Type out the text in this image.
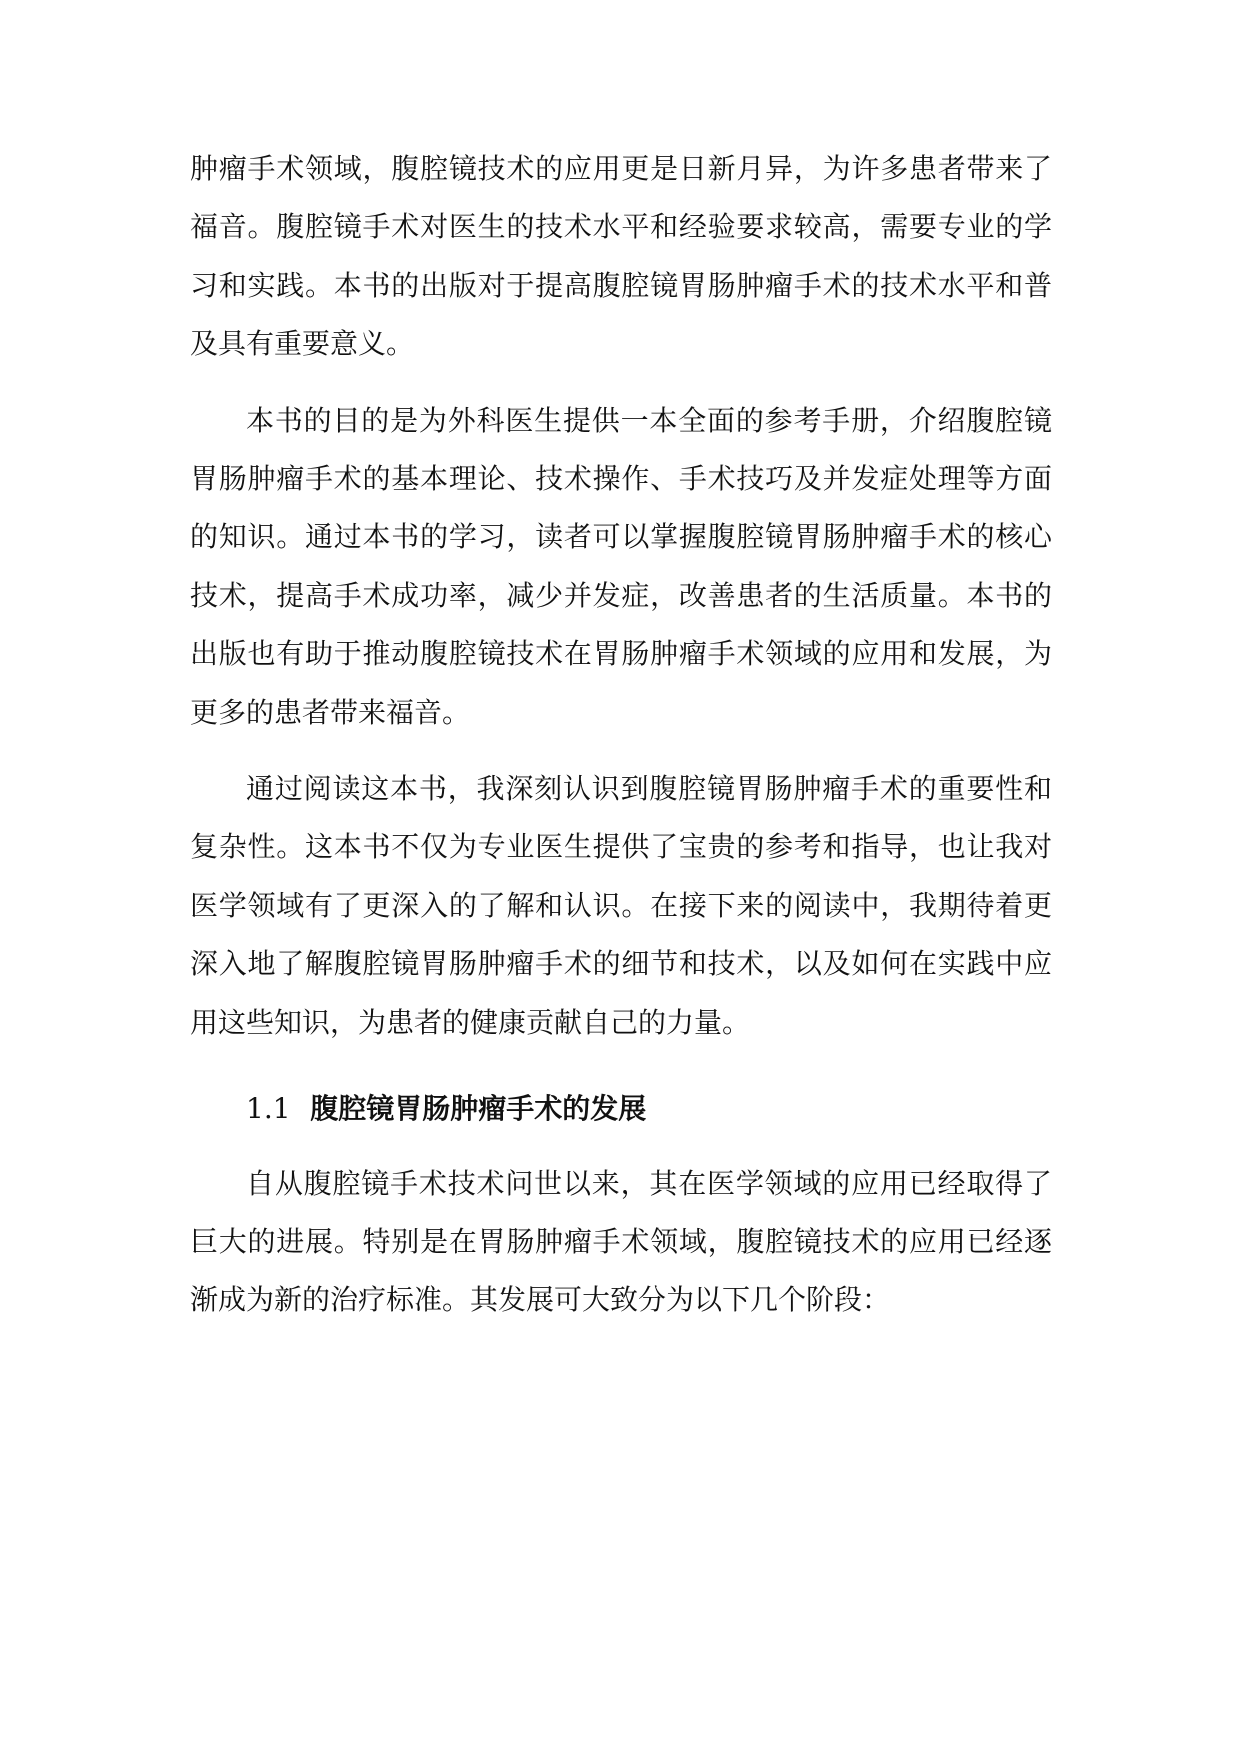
肿瘤手术领域，腹腔镜技术的应用更是日新月异，为许多患者带来了福音。腹腔镜手术对医生的技术水平和经验要求较高，需要专业的学习和实践。本书的出版对于提高腹腔镜胃肠肿瘤手术的技术水平和普及具有重要意义。

本书的目的是为外科医生提供一本全面的参考手册，介绍腹腔镜胃肠肿瘤手术的基本理论、技术操作、手术技巧及并发症处理等方面的知识。通过本书的学习，读者可以掌握腹腔镜胃肠肿瘤手术的核心技术，提高手术成功率，减少并发症，改善患者的生活质量。本书的出版也有助于推动腹腔镜技术在胃肠肿瘤手术领域的应用和发展，为更多的患者带来福音。

通过阅读这本书，我深刻认识到腹腔镜胃肠肿瘤手术的重要性和复杂性。这本书不仅为专业医生提供了宝贵的参考和指导，也让我对医学领域有了更深入的了解和认识。在接下来的阅读中，我期待着更深入地了解腹腔镜胃肠肿瘤手术的细节和技术，以及如何在实践中应用这些知识，为患者的健康贡献自己的力量。

1.1 腹腔镜胃肠肿瘤手术的发展

自从腹腔镜手术技术问世以来，其在医学领域的应用已经取得了巨大的进展。特别是在胃肠肿瘤手术领域，腹腔镜技术的应用已经逐渐成为新的治疗标准。其发展可大致分为以下几个阶段：
